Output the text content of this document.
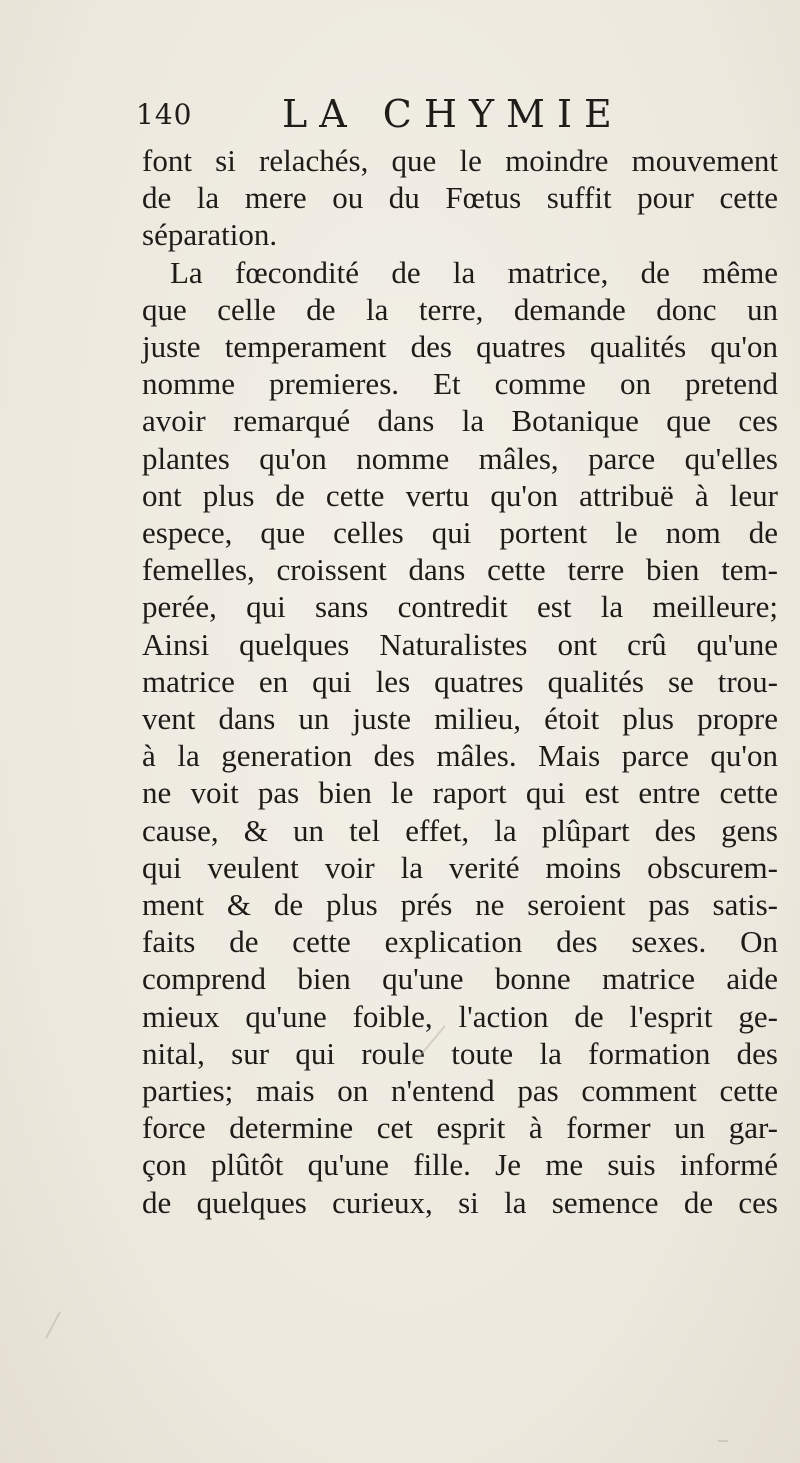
140 LA CHYMIE
font si relachés, que le moindre mouvement
de la mere ou du Fœtus suffit pour cette
séparation.
La fœcondité de la matrice, de même
que celle de la terre, demande donc un
juste temperament des quatres qualités qu'on
nomme premieres. Et comme on pretend
avoir remarqué dans la Botanique que ces
plantes qu'on nomme mâles, parce qu'elles
ont plus de cette vertu qu'on attribuë à leur
espece, que celles qui portent le nom de
femelles, croissent dans cette terre bien tem-
perée, qui sans contredit est la meilleure;
Ainsi quelques Naturalistes ont crû qu'une
matrice en qui les quatres qualités se trou-
vent dans un juste milieu, étoit plus propre
à la generation des mâles. Mais parce qu'on
ne voit pas bien le raport qui est entre cette
cause, & un tel effet, la plûpart des gens
qui veulent voir la verité moins obscurem-
ment & de plus prés ne seroient pas satis-
faits de cette explication des sexes. On
comprend bien qu'une bonne matrice aide
mieux qu'une foible, l'action de l'esprit ge-
nital, sur qui roule toute la formation des
parties; mais on n'entend pas comment cette
force determine cet esprit à former un gar-
çon plûtôt qu'une fille. Je me suis informé
de quelques curieux, si la semence de ces
